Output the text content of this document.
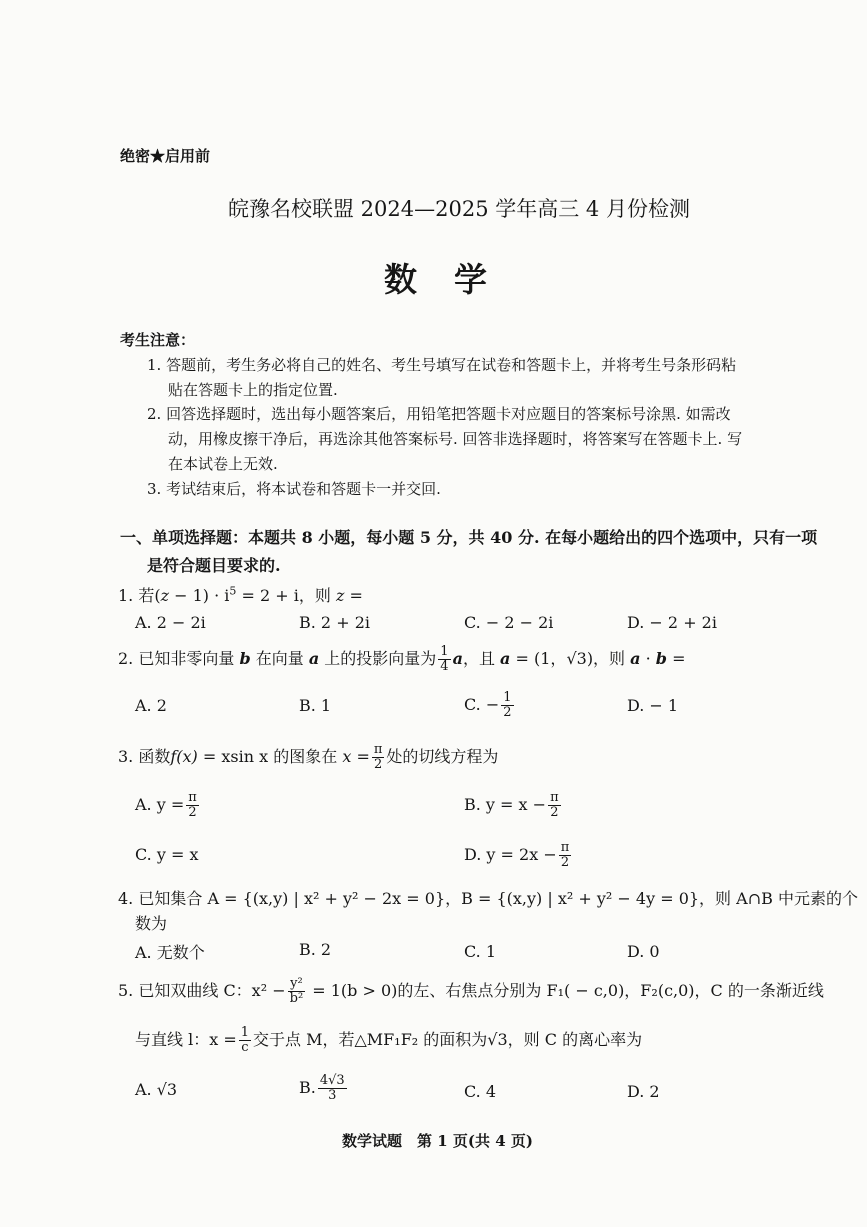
绝密★启用前
皖豫名校联盟 2024—2025 学年高三 4 月份检测
数　学
考生注意：
1. 答题前，考生务必将自己的姓名、考生号填写在试卷和答题卡上，并将考生号条形码粘
贴在答题卡上的指定位置.
2. 回答选择题时，选出每小题答案后，用铅笔把答题卡对应题目的答案标号涂黑. 如需改
动，用橡皮擦干净后，再选涂其他答案标号. 回答非选择题时，将答案写在答题卡上. 写
在本试卷上无效.
3. 考试结束后，将本试卷和答题卡一并交回.
一、单项选择题：本题共 8 小题，每小题 5 分，共 40 分. 在每小题给出的四个选项中，只有一项
是符合题目要求的.
1. 若$(z - 1) \cdot i^5 = 2 + i$，则 z =
A. 2 − 2i	B. 2 + 2i	C. − 2 − 2i	D. − 2 + 2i
2. 已知非零向量 b 在向量 a 上的投影向量为 $\frac{1}{4}$ a，且 a = (1，√3)，则 a · b =
A. 2	B. 1	C. − $\frac{1}{2}$	D. − 1
3. 函数f(x) = xsin x 的图象在 $x = \frac{\pi}{2}$ 处的切线方程为
A. $y = \frac{\pi}{2}$	B. $y = x - \frac{\pi}{2}$
C. y = x	D. $y = 2x - \frac{\pi}{2}$
4. 已知集合 A = {(x,y) | x² + y² − 2x = 0}，B = {(x,y) | x² + y² − 4y = 0}，则 A∩B 中元素的个
数为
A. 无数个	B. 2	C. 1	D. 0
5. 已知双曲线 C：$x^2 - \frac{\text{y²}}{\text{b²}} = 1(b > 0)$的左、右焦点分别为 F₁( − c,0)，F₂(c,0)，C 的一条渐近线
与直线 l：$x = \frac{1}{c}$ 交于点 M，若△MF₁F₂ 的面积为√3，则 C 的离心率为
A. √3	B. $\frac{4√3}{3}$	C. 4	D. 2
数学试题　第 1 页(共 4 页)
